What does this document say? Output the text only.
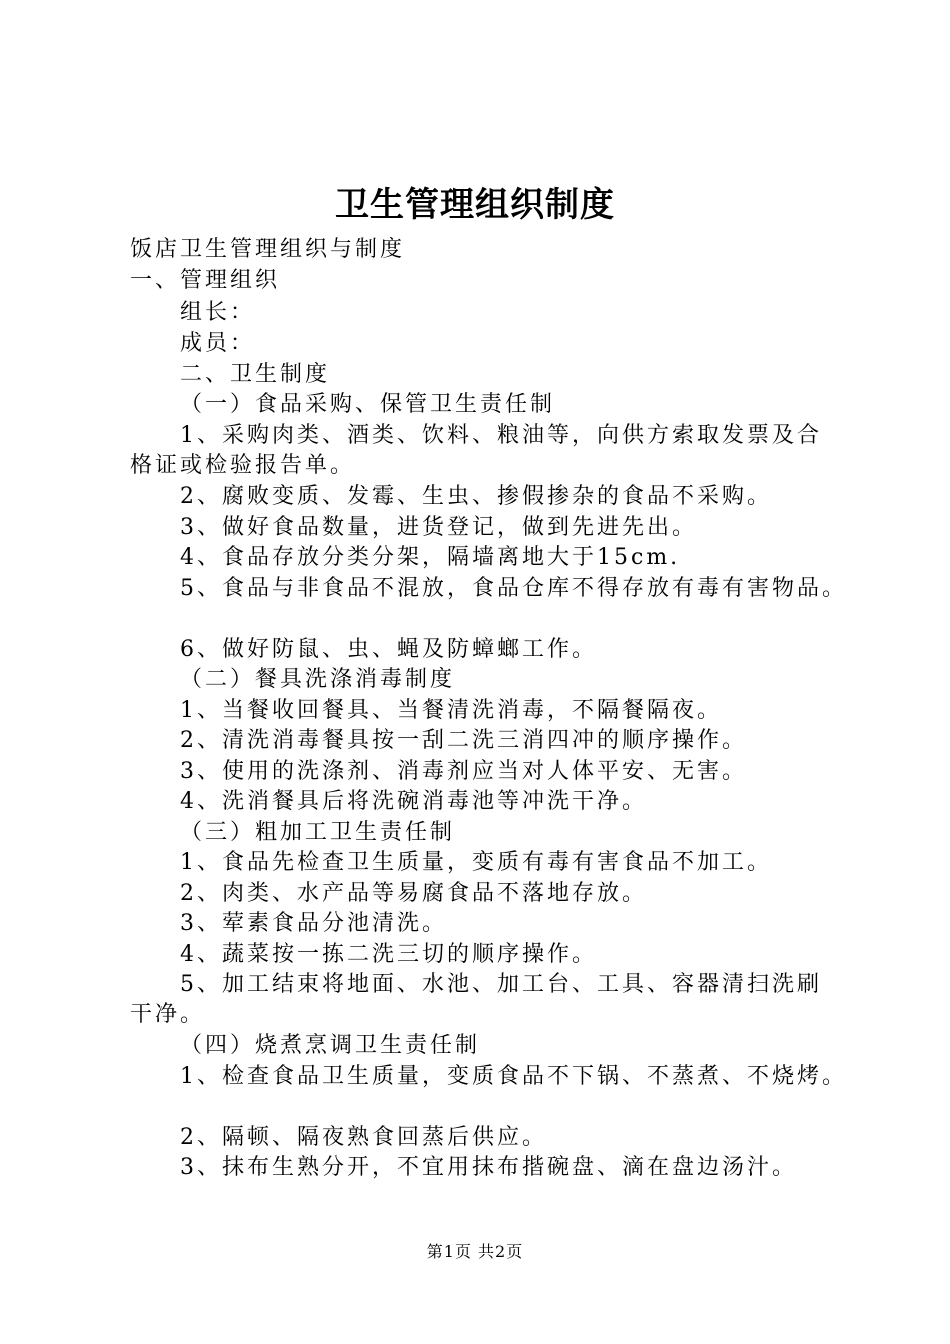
卫生管理组织制度

饭店卫生管理组织与制度

一、管理组织

组长：

成员：

二、卫生制度

（一）食品采购、保管卫生责任制

1、采购肉类、酒类、饮料、粮油等，向供方索取发票及合格证或检验报告单。

2、腐败变质、发霉、生虫、掺假掺杂的食品不采购。

3、做好食品数量，进货登记，做到先进先出。

4、食品存放分类分架，隔墙离地大于15cm.

5、食品与非食品不混放，食品仓库不得存放有毒有害物品。

6、做好防鼠、虫、蝇及防蟑螂工作。

（二）餐具洗涤消毒制度

1、当餐收回餐具、当餐清洗消毒，不隔餐隔夜。

2、清洗消毒餐具按一刮二洗三消四冲的顺序操作。

3、使用的洗涤剂、消毒剂应当对人体平安、无害。

4、洗消餐具后将洗碗消毒池等冲洗干净。

（三）粗加工卫生责任制

1、食品先检查卫生质量，变质有毒有害食品不加工。

2、肉类、水产品等易腐食品不落地存放。

3、荤素食品分池清洗。

4、蔬菜按一拣二洗三切的顺序操作。

5、加工结束将地面、水池、加工台、工具、容器清扫洗刷干净。

（四）烧煮烹调卫生责任制

1、检查食品卫生质量，变质食品不下锅、不蒸煮、不烧烤。

2、隔顿、隔夜熟食回蒸后供应。

3、抹布生熟分开，不宜用抹布揩碗盘、滴在盘边汤汁。

第1页 共2页
